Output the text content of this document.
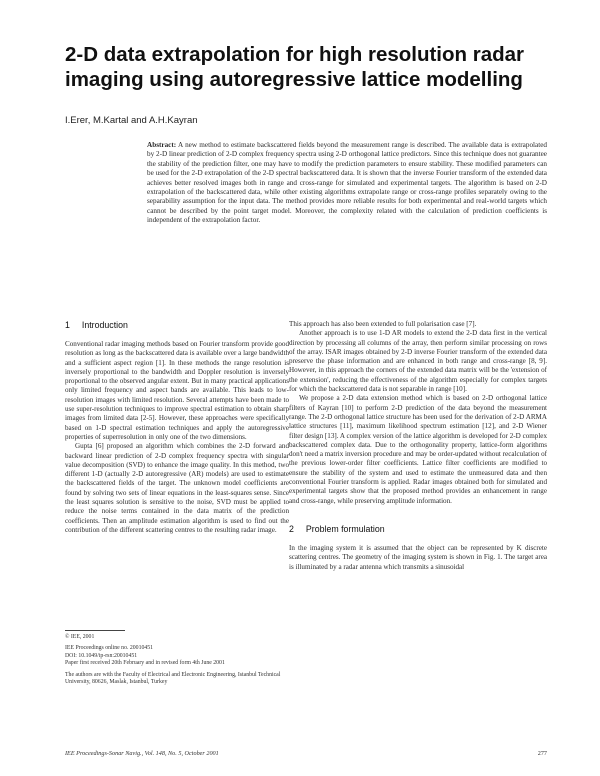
2-D data extrapolation for high resolution radar imaging using autoregressive lattice modelling
I.Erer, M.Kartal and A.H.Kayran

Abstract: A new method to estimate backscattered fields beyond the measurement range is described. The available data is extrapolated by 2-D linear prediction of 2-D complex frequency spectra using 2-D orthogonal lattice predictors. Since this technique does not guarantee the stability of the prediction filter, one may have to modify the prediction parameters to ensure stability. These modified parameters can be used for the 2-D extrapolation of the 2-D spectral backscattered data. It is shown that the inverse Fourier transform of the extended data achieves better resolved images both in range and cross-range for simulated and experimental targets. The algorithm is based on 2-D extrapolation of the backscattered data, while other existing algorithms extrapolate range or cross-range profiles separately owing to the separability assumption for the input data. The method provides more reliable results for both experimental and real-world targets which cannot be described by the point target model. Moreover, the complexity related with the calculation of prediction coefficients is independent of the extrapolation factor.

1 Introduction

Conventional radar imaging methods based on Fourier transform provide good resolution as long as the backscattered data is available over a large bandwidth and a sufficient aspect region [1]. In these methods the range resolution is inversely proportional to the bandwidth and Doppler resolution is inversely proportional to the observed angular extent. But in many practical applications only limited frequency and aspect bands are available. This leads to low-resolution images with limited resolution. Several attempts have been made to use super-resolution techniques to improve spectral estimation to obtain sharp images from limited data [2-5]. However, these approaches were specifically based on 1-D spectral estimation techniques and apply the autoregressive properties of superresolution in only one of the two dimensions.

Gupta [6] proposed an algorithm which combines the 2-D forward and backward linear prediction of 2-D complex frequency spectra with singular value decomposition (SVD) to enhance the image quality. In this method, two different 1-D (actually 2-D autoregressive (AR) models) are used to estimate the backscattered fields of the target. The unknown model coefficients are found by solving two sets of linear equations in the least-squares sense. Since the least squares solution is sensitive to the noise, SVD must be applied to reduce the noise terms contained in the data matrix of the prediction coefficients. Then an amplitude estimation algorithm is used to find out the contribution of the different scattering centres to the resulting radar image.

© IEE, 2001
IEE Proceedings online no. 20010451
DOI: 10.1049/ip-rsn:20010451
Paper first received 20th February and in revised form 4th June 2001
The authors are with the Faculty of Electrical and Electronic Engineering, Istanbul Technical University, 80626, Maslak, Istanbul, Turkey

This approach has also been extended to full polarisation case [7].

Another approach is to use 1-D AR models to extend the 2-D data first in the vertical direction by processing all columns of the array, then perform similar processing on rows of the array. ISAR images obtained by 2-D inverse Fourier transform of the extended data preserve the phase information and are enhanced in both range and cross-range [8, 9]. However, in this approach the corners of the extended data matrix will be the 'extension of the extension', reducing the effectiveness of the algorithm especially for complex targets for which the backscattered data is not separable in range [10].

We propose a 2-D data extension method which is based on 2-D orthogonal lattice filters of Kayran [10] to perform 2-D prediction of the data beyond the measurement range. The 2-D orthogonal lattice structure has been used for the derivation of 2-D ARMA lattice structures [11], maximum likelihood spectrum estimation [12], and 2-D Wiener filter design [13]. A complex version of the lattice algorithm is developed for 2-D complex backscattered complex data. Due to the orthogonality property, lattice-form algorithms don't need a matrix inversion procedure and may be order-updated without recalculation of the previous lower-order filter coefficients. Lattice filter coefficients are modified to ensure the stability of the system and used to estimate the unmeasured data and then conventional Fourier transform is applied. Radar images obtained both for simulated and experimental targets show that the proposed method provides an enhancement in range and cross-range, while preserving amplitude information.

2 Problem formulation

In the imaging system it is assumed that the object can be represented by K discrete scattering centres. The geometry of the imaging system is shown in Fig. 1. The target area is illuminated by a radar antenna which transmits a sinusoidal

IEE Proceedings-Sonar Navig., Vol. 148, No. 5, October 2001	277
